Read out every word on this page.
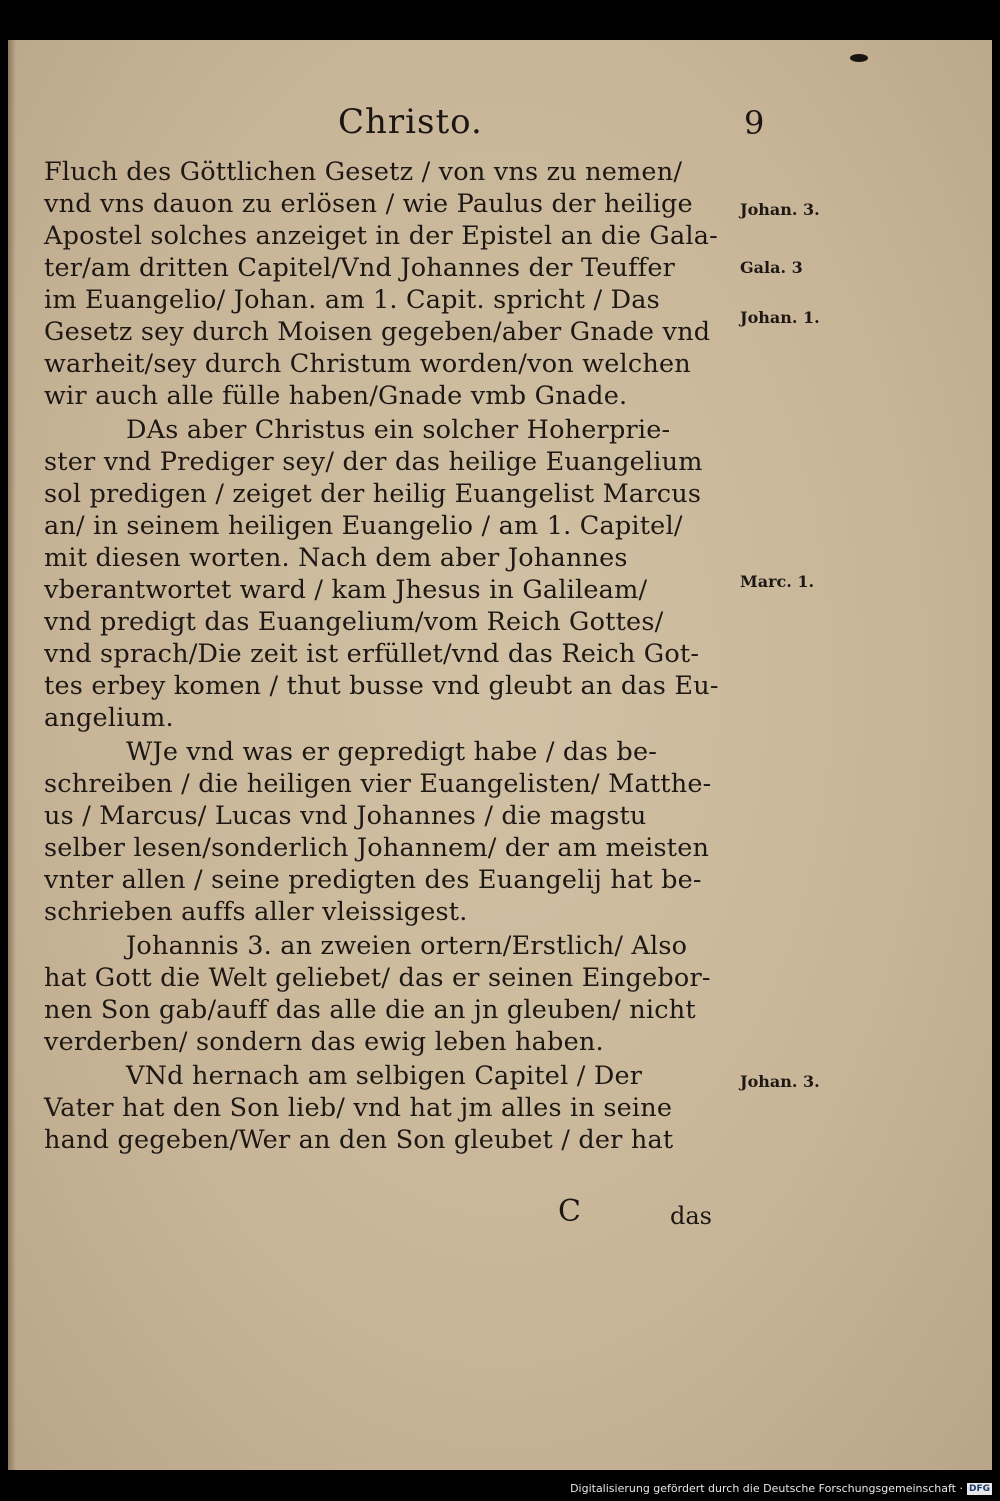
Christo.	9
Fluch des Göttlichen Gesetz / von vns zu nemen/
vnd vns dauon zu erlösen / wie Paulus der heilige
Apostel solches anzeiget in der Epistel an die Gala-
ter/am dritten Capitel/Vnd Johannes der Teuffer
im Euangelio/ Johan. am 1. Capit. spricht / Das
Gesetz sey durch Moisen gegeben/aber Gnade vnd
warheit/sey durch Christum worden/von welchen
wir auch alle fülle haben/Gnade vmb Gnade.
DAs aber Christus ein solcher Hoherprie-
ster vnd Prediger sey/ der das heilige Euangelium
sol predigen / zeiget der heilig Euangelist Marcus
an/ in seinem heiligen Euangelio / am 1. Capitel/
mit diesen worten. Nach dem aber Johannes
vberantwortet ward / kam Jhesus in Galileam/
vnd predigt das Euangelium/vom Reich Gottes/
vnd sprach/Die zeit ist erfüllet/vnd das Reich Got-
tes erbey komen / thut busse vnd gleubt an das Eu-
angelium.
WJe vnd was er gepredigt habe / das be-
schreiben / die heiligen vier Euangelisten/ Matthe-
us / Marcus/ Lucas vnd Johannes / die magstu
selber lesen/sonderlich Johannem/ der am meisten
vnter allen / seine predigten des Euangelij hat be-
schrieben auffs aller vleissigest.
Johannis 3. an zweien ortern/Erstlich/ Also
hat Gott die Welt geliebet/ das er seinen Eingebor-
nen Son gab/auff das alle die an jn gleuben/ nicht
verderben/ sondern das ewig leben haben.
VNd hernach am selbigen Capitel / Der
Vater hat den Son lieb/ vnd hat jm alles in seine
hand gegeben/Wer an den Son gleubet / der hat
Johan. 3.
Gala. 3
Johan. 1.
Marc. 1.
Johan. 3.
C	das
Digitalisierung gefördert durch die Deutsche Forschungsgemeinschaft · DFG
